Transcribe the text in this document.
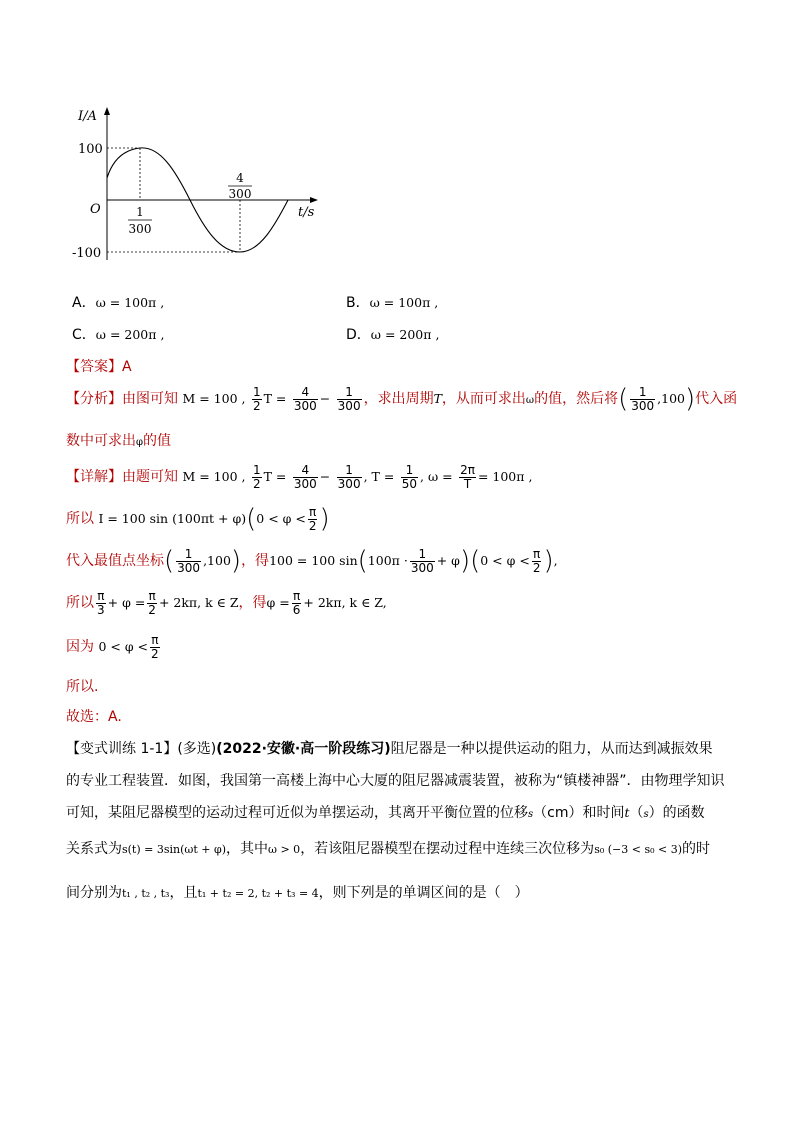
I/A
100
-100
O	t/s
1
300
4
300
A．ω = 100π ,	B．ω = 100π ,
C．ω = 200π ,	D．ω = 200π ,
【答案】A
【分析】由图可知 M = 100 , $\frac{1}{2}$ $T = \frac{4}{300} - \frac{1}{300}$ ，求出周期T，从而可求出ω的值，然后将( $\frac{1}{300} ,100$)代入函
数中可求出φ的值
【详解】由题可知 M = 100 , $\frac{1}{2}$ $T = \frac{4}{300} - \frac{1}{300}$ , $T = \frac{1}{50}$ , $\omega = \frac{2\pi}{T} = 100\pi$ ,
所以 I = 100 $\sin (100\pi t + \varphi)(0 < \varphi < \frac{\pi}{2}$ )
代入最值点坐标( $\frac{1}{300} ,100$)，得100 = 100 $\sin(100\pi \cdot \frac{1}{300} + \varphi)(0 < \varphi < \frac{\pi}{2}$ ),
所以 $\frac{\pi}{3} + \varphi = \frac{\pi}{2} + 2k\pi$, k ∈ Z，得$\varphi = \frac{\pi}{6} + 2k\pi$, k ∈ Z,
因为 $0 < \varphi < \frac{\pi}{2}$
所以.
故选：A.
【变式训练 1-1】(多选)(2022·安徽·高一阶段练习)阻尼器是一种以提供运动的阻力，从而达到减振效果
的专业工程装置．如图，我国第一高楼上海中心大厦的阻尼器减震装置，被称为“镇楼神器”．由物理学知识
可知，某阻尼器模型的运动过程可近似为单摆运动，其离开平衡位置的位移s（cm）和时间t（s）的函数
关系式为s(t) = 3sin(ωt + φ)，其中ω > 0，若该阻尼器模型在摆动过程中连续三次位移为s₀ (−3 < s₀ < 3)的时
间分别为t₁ , t₂ , t₃，且t₁ + t₂ = 2, t₂ + t₃ = 4，则下列是的单调区间的是（　）
